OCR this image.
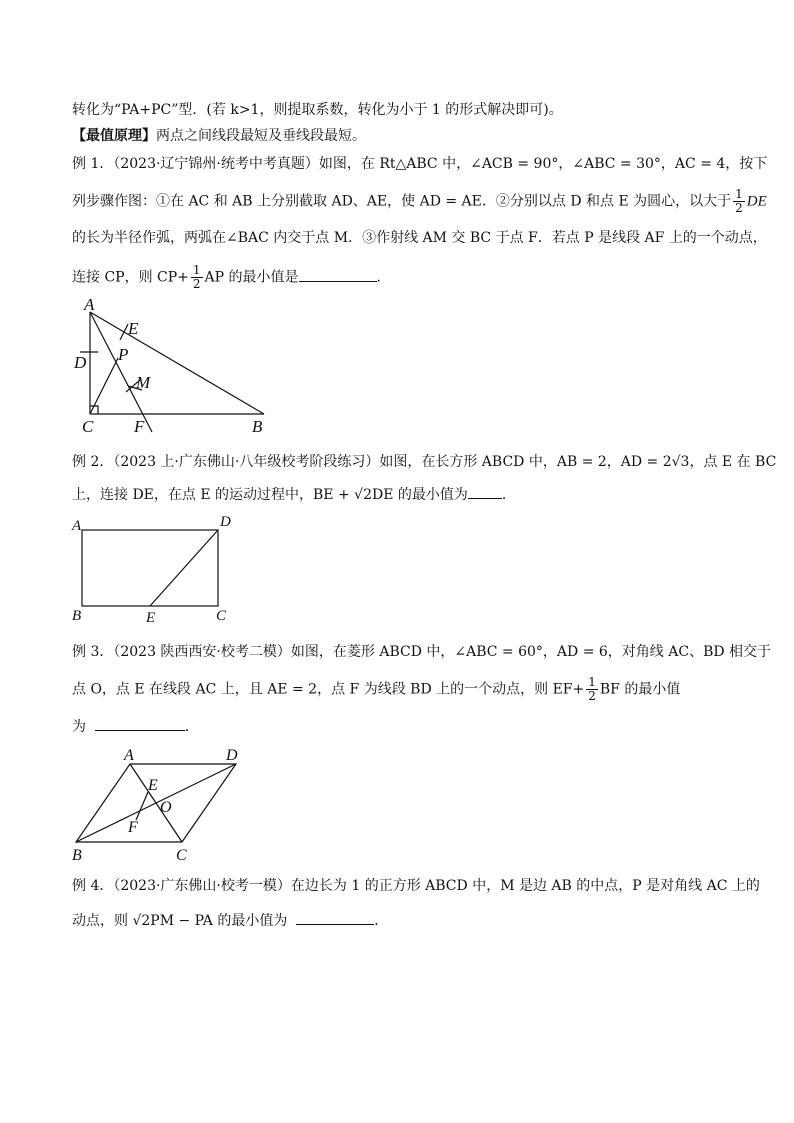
转化为“PA+PC”型．(若 k>1，则提取系数，转化为小于 1 的形式解决即可)。
【最值原理】两点之间线段最短及垂线段最短。
例 1．（2023·辽宁锦州·统考中考真题）如图，在 Rt△ABC 中，∠ACB = 90°，∠ABC = 30°，AC = 4，按下
列步骤作图：①在 AC 和 AB 上分别截取 AD、AE，使 AD = AE．②分别以点 D 和点 E 为圆心，以大于 $\frac{1}{2}$ DE
的长为半径作弧，两弧在∠BAC 内交于点 M．③作射线 AM 交 BC 于点 F．若点 P 是线段 AF 上的一个动点，
连接 CP，则 $CP+ \frac{1}{2}$ AP 的最小值是	．
A
B
C
D
E
F
P
M
例 2．（2023 上·广东佛山·八年级校考阶段练习）如图，在长方形 ABCD 中，AB = 2，AD = 2√3，点 E 在 BC
上，连接 DE，在点 E 的运动过程中，BE + √2DE 的最小值为 ．
A	D
B	C
E
例 3．（2023 陕西西安·校考二模）如图，在菱形 ABCD 中，∠ABC = 60°，AD = 6，对角线 AC、BD 相交于
点 O，点 E 在线段 AC 上，且 AE = 2，点 F 为线段 BD 上的一个动点，则 $EF+ \frac{1}{2}$ BF 的最小值
为	．
A	D
B	C
E
O
F
例 4．（2023·广东佛山·校考一模）在边长为 1 的正方形 ABCD 中，M 是边 AB 的中点，P 是对角线 AC 上的
动点，则 √2PM − PA 的最小值为	．
